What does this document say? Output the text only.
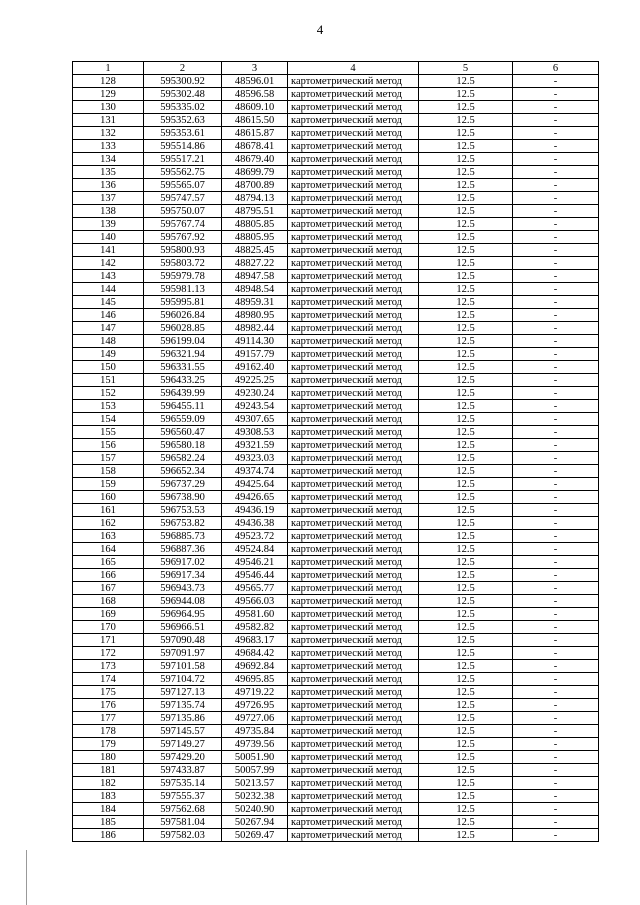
4
1	2	3	4	5	6
128	595300.92	48596.01	картометрический метод	12.5	-
129	595302.48	48596.58	картометрический метод	12.5	-
130	595335.02	48609.10	картометрический метод	12.5	-
131	595352.63	48615.50	картометрический метод	12.5	-
132	595353.61	48615.87	картометрический метод	12.5	-
133	595514.86	48678.41	картометрический метод	12.5	-
134	595517.21	48679.40	картометрический метод	12.5	-
135	595562.75	48699.79	картометрический метод	12.5	-
136	595565.07	48700.89	картометрический метод	12.5	-
137	595747.57	48794.13	картометрический метод	12.5	-
138	595750.07	48795.51	картометрический метод	12.5	-
139	595767.74	48805.85	картометрический метод	12.5	-
140	595767.92	48805.95	картометрический метод	12.5	-
141	595800.93	48825.45	картометрический метод	12.5	-
142	595803.72	48827.22	картометрический метод	12.5	-
143	595979.78	48947.58	картометрический метод	12.5	-
144	595981.13	48948.54	картометрический метод	12.5	-
145	595995.81	48959.31	картометрический метод	12.5	-
146	596026.84	48980.95	картометрический метод	12.5	-
147	596028.85	48982.44	картометрический метод	12.5	-
148	596199.04	49114.30	картометрический метод	12.5	-
149	596321.94	49157.79	картометрический метод	12.5	-
150	596331.55	49162.40	картометрический метод	12.5	-
151	596433.25	49225.25	картометрический метод	12.5	-
152	596439.99	49230.24	картометрический метод	12.5	-
153	596455.11	49243.54	картометрический метод	12.5	-
154	596559.09	49307.65	картометрический метод	12.5	-
155	596560.47	49308.53	картометрический метод	12.5	-
156	596580.18	49321.59	картометрический метод	12.5	-
157	596582.24	49323.03	картометрический метод	12.5	-
158	596652.34	49374.74	картометрический метод	12.5	-
159	596737.29	49425.64	картометрический метод	12.5	-
160	596738.90	49426.65	картометрический метод	12.5	-
161	596753.53	49436.19	картометрический метод	12.5	-
162	596753.82	49436.38	картометрический метод	12.5	-
163	596885.73	49523.72	картометрический метод	12.5	-
164	596887.36	49524.84	картометрический метод	12.5	-
165	596917.02	49546.21	картометрический метод	12.5	-
166	596917.34	49546.44	картометрический метод	12.5	-
167	596943.73	49565.77	картометрический метод	12.5	-
168	596944.08	49566.03	картометрический метод	12.5	-
169	596964.95	49581.60	картометрический метод	12.5	-
170	596966.51	49582.82	картометрический метод	12.5	-
171	597090.48	49683.17	картометрический метод	12.5	-
172	597091.97	49684.42	картометрический метод	12.5	-
173	597101.58	49692.84	картометрический метод	12.5	-
174	597104.72	49695.85	картометрический метод	12.5	-
175	597127.13	49719.22	картометрический метод	12.5	-
176	597135.74	49726.95	картометрический метод	12.5	-
177	597135.86	49727.06	картометрический метод	12.5	-
178	597145.57	49735.84	картометрический метод	12.5	-
179	597149.27	49739.56	картометрический метод	12.5	-
180	597429.20	50051.90	картометрический метод	12.5	-
181	597433.87	50057.99	картометрический метод	12.5	-
182	597535.14	50213.57	картометрический метод	12.5	-
183	597555.37	50232.38	картометрический метод	12.5	-
184	597562.68	50240.90	картометрический метод	12.5	-
185	597581.04	50267.94	картометрический метод	12.5	-
186	597582.03	50269.47	картометрический метод	12.5	-
